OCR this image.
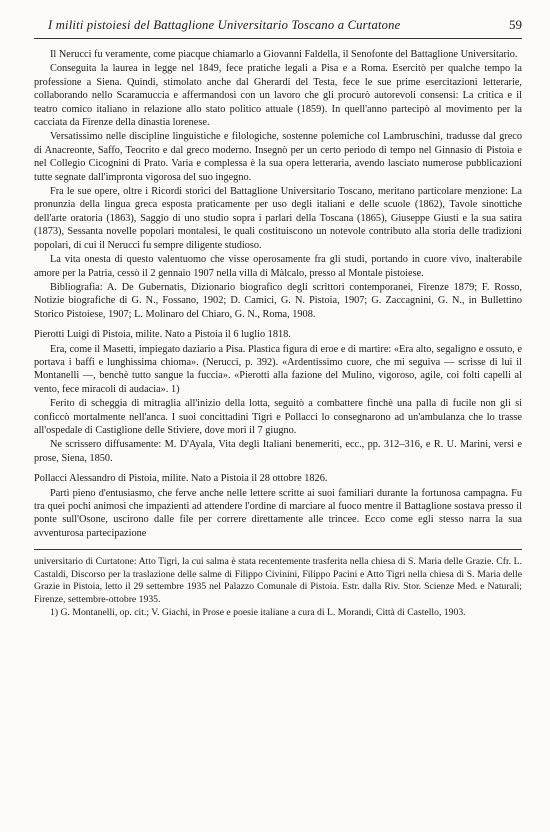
I militi pistoiesi del Battaglione Universitario Toscano a Curtatone	59

Il Nerucci fu veramente, come piacque chiamarlo a Giovanni Faldella, il Senofonte del Battaglione Universitario.

Conseguita la laurea in legge nel 1849, fece pratiche legali a Pisa e a Roma. Esercitò per qualche tempo la professione a Siena. Quindi, stimolato anche dal Gherardi del Testa, fece le sue prime esercitazioni letterarie, collaborando nello Scaramuccia e affermandosi con un lavoro che gli procurò autorevoli consensi: La critica e il teatro comico italiano in relazione allo stato politico attuale (1859). In quell'anno partecipò al movimento per la cacciata da Firenze della dinastia lorenese.

Versatissimo nelle discipline linguistiche e filologiche, sostenne polemiche col Lambruschini, tradusse dal greco di Anacreonte, Saffo, Teocrito e dal greco moderno. Insegnò per un certo periodo di tempo nel Ginnasio di Pistoia e nel Collegio Cicognini di Prato. Varia e complessa è la sua opera letteraria, avendo lasciato numerose pubblicazioni tutte segnate dall'impronta vigorosa del suo ingegno.

Fra le sue opere, oltre i Ricordi storici del Battaglione Universitario Toscano, meritano particolare menzione: La pronunzia della lingua greca esposta praticamente per uso degli italiani e delle scuole (1862), Tavole sinottiche dell'arte oratoria (1863), Saggio di uno studio sopra i parlari della Toscana (1865), Giuseppe Giusti e la sua satira (1873), Sessanta novelle popolari montalesi, le quali costituiscono un notevole contributo alla storia delle tradizioni popolari, di cui il Nerucci fu sempre diligente studioso.

La vita onesta di questo valentuomo che visse operosamente fra gli studi, portando in cuore vivo, inalterabile amore per la Patria, cessò il 2 gennaio 1907 nella villa di Màlcalo, presso al Montale pistoiese.

Bibliografia: A. De Gubernatis, Dizionario biografico degli scrittori contemporanei, Firenze 1879; F. Rosso, Notizie biografiche di G. N., Fossano, 1902; D. Camici, G. N. Pistoia, 1907; G. Zaccagnini, G. N., in Bullettino Storico Pistoiese, 1907; L. Molinaro del Chiaro, G. N., Roma, 1908.

Pierotti Luigi di Pistoia, milite. Nato a Pistoia il 6 luglio 1818.

Era, come il Masetti, impiegato daziario a Pisa. Plastica figura di eroe e di martire: «Era alto, segaligno e ossuto, e portava i baffi e lunghissima chioma». (Nerucci, p. 392). «Ardentissimo cuore, che mi seguiva — scrisse di lui il Montanelli —, benchè tutto sangue la fuccia». «Pierotti alla fazione del Mulino, vigoroso, agile, coi folti capelli al vento, fece miracoli di audacia». 1)

Ferito di scheggia di mitraglia all'inizio della lotta, seguitò a combattere finchè una palla di fucile non gli si conficcò mortalmente nell'anca. I suoi concittadini Tigri e Pollacci lo consegnarono ad un'ambulanza che lo trasse all'ospedale di Castiglione delle Stiviere, dove morì il 7 giugno.

Ne scrissero diffusamente: M. D'Ayala, Vita degli Italiani benemeriti, ecc., pp. 312–316, e R. U. Marini, versi e prose, Siena, 1850.

Pollacci Alessandro di Pistoia, milite. Nato a Pistoia il 28 ottobre 1826.

Partì pieno d'entusiasmo, che ferve anche nelle lettere scritte ai suoi familiari durante la fortunosa campagna. Fu tra quei pochi animosi che impazienti ad attendere l'ordine di marciare al fuoco mentre il Battaglione sostava presso il ponte sull'Osone, uscirono dalle file per correre direttamente alle trincee. Ecco come egli stesso narra la sua avventurosa partecipazione

universitario di Curtatone: Atto Tigri, la cui salma è stata recentemente trasferita nella chiesa di S. Maria delle Grazie. Cfr. L. Castaldi, Discorso per la traslazione delle salme di Filippo Civinini, Filippo Pacini e Atto Tigri nella chiesa di S. Maria delle Grazie in Pistoia, letto il 29 settembre 1935 nel Palazzo Comunale di Pistoia. Estr. dalla Riv. Stor. Scienze Med. e Naturali; Firenze, settembre-ottobre 1935.

1) G. Montanelli, op. cit.; V. Giachi, in Prose e poesie italiane a cura di L. Morandi, Città di Castello, 1903.
